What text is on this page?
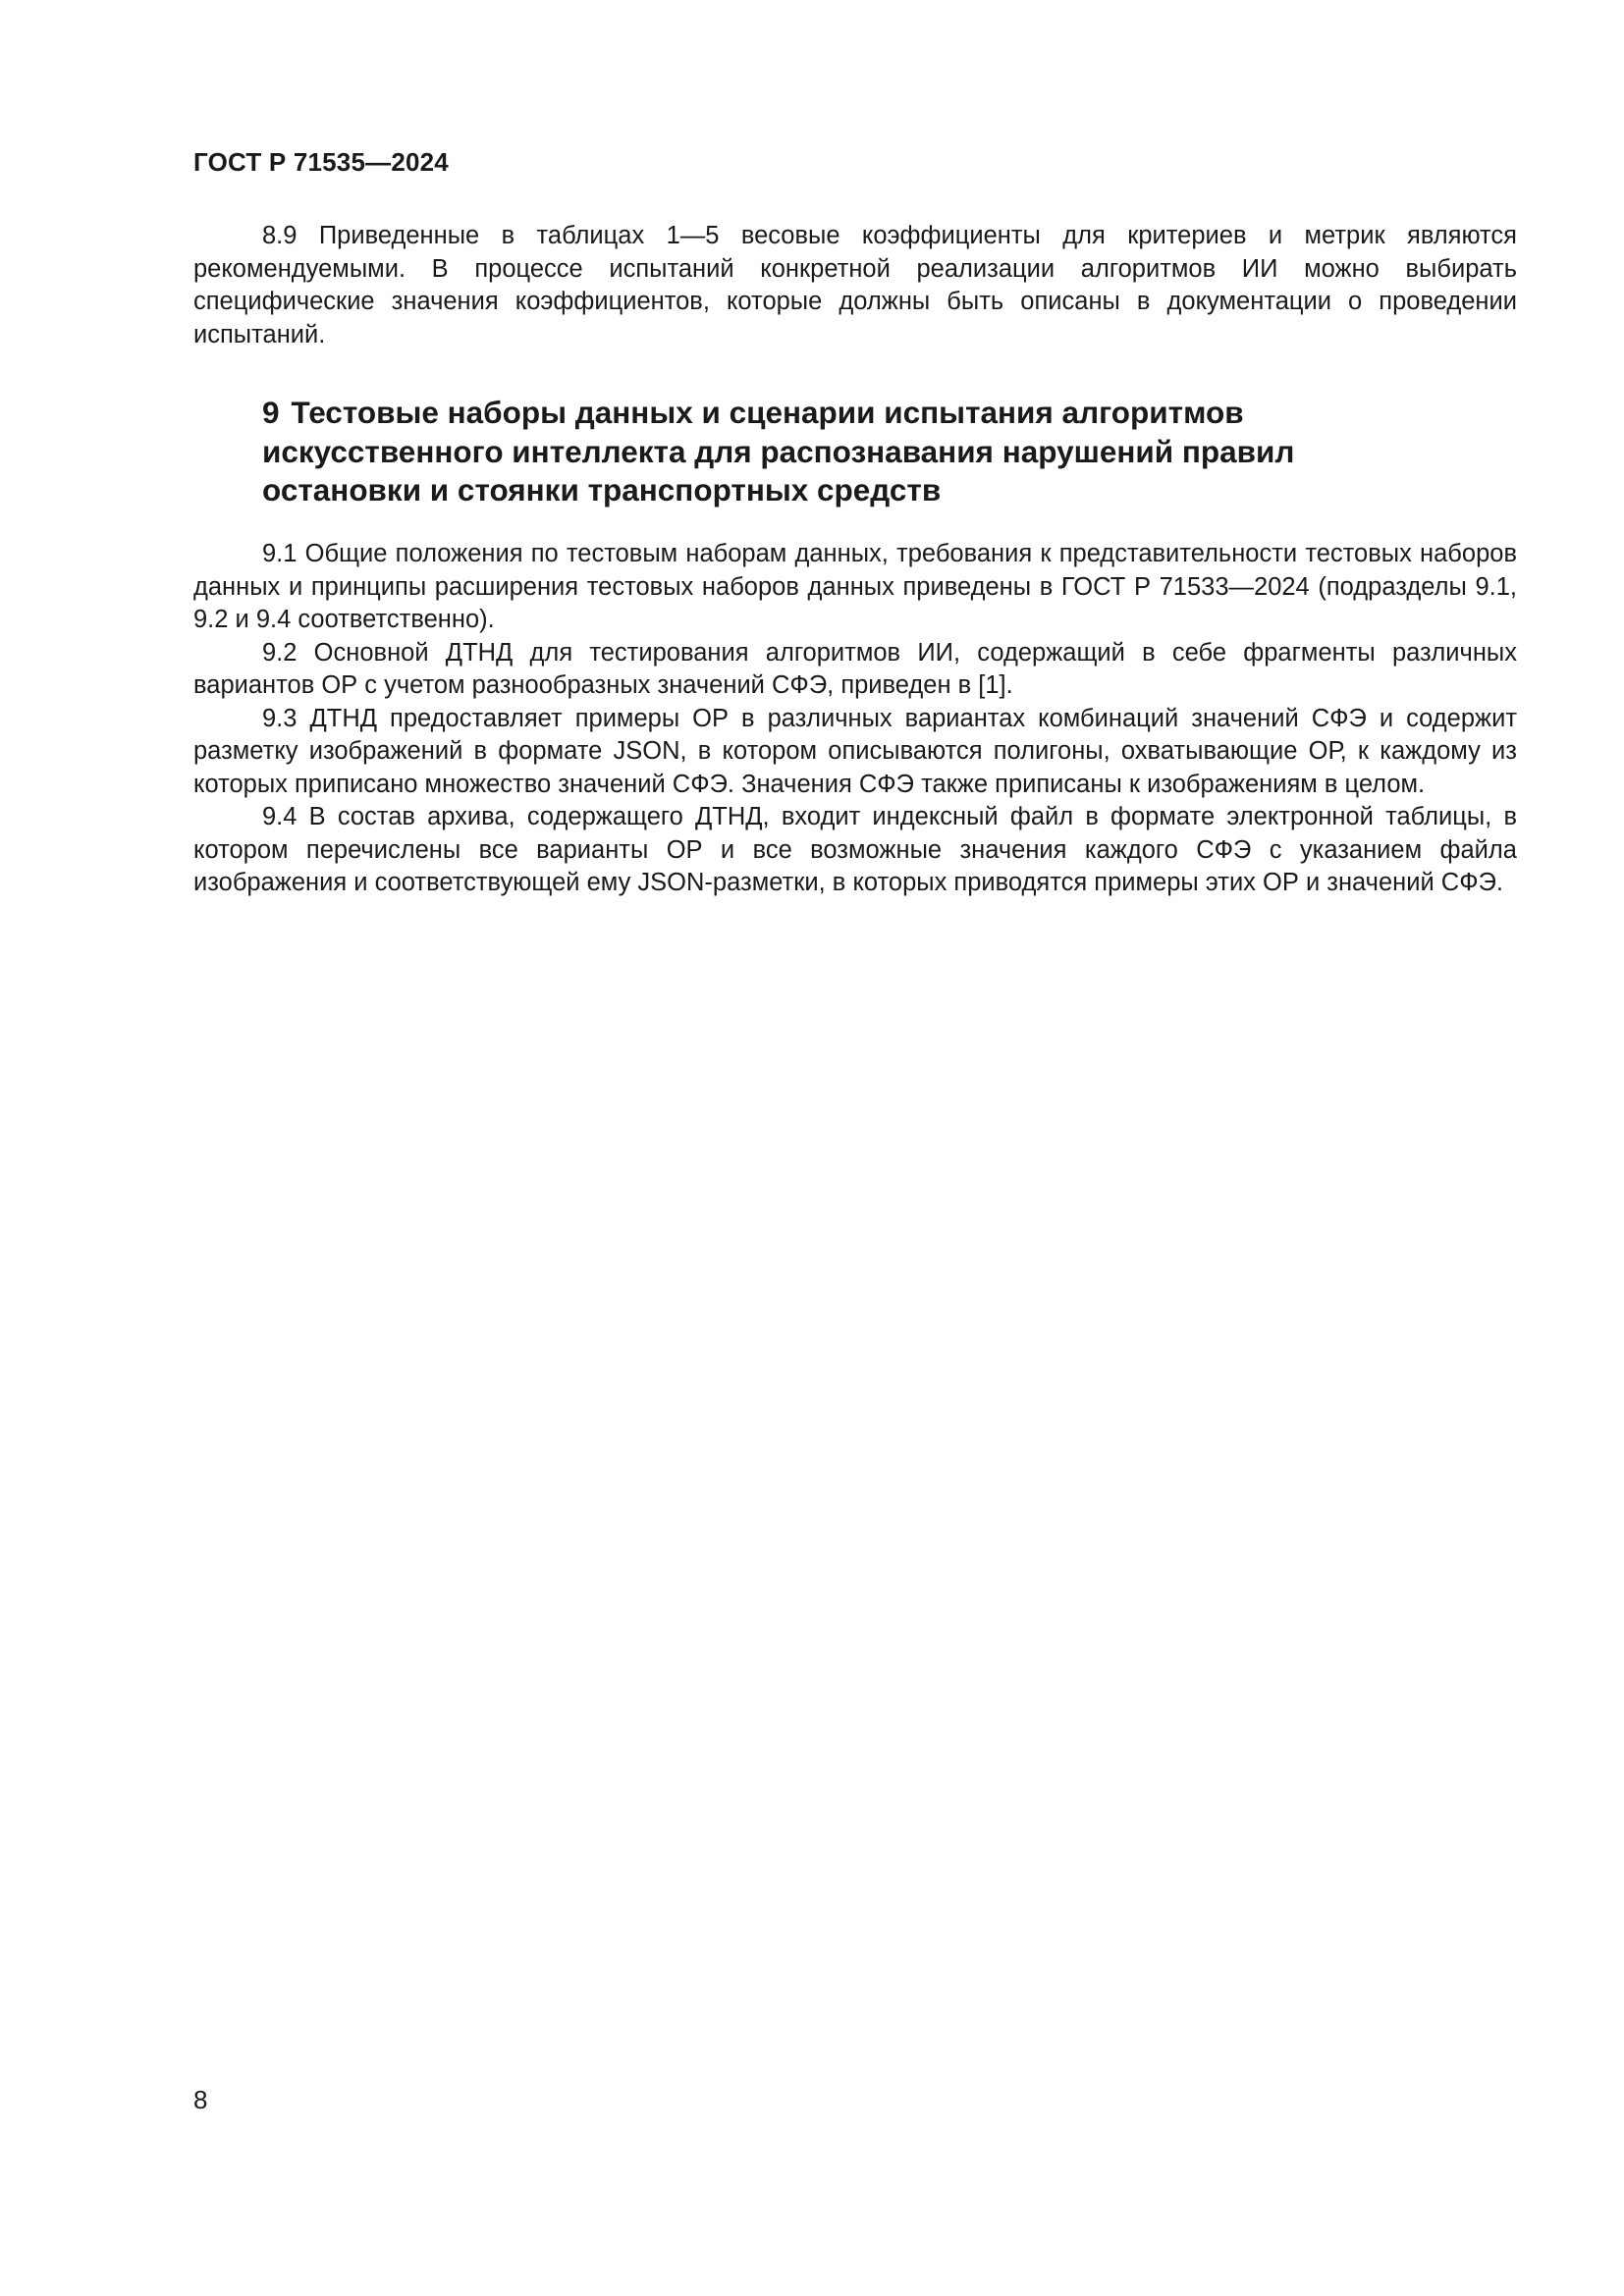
ГОСТ Р 71535—2024

8.9 Приведенные в таблицах 1—5 весовые коэффициенты для критериев и метрик являются рекомендуемыми. В процессе испытаний конкретной реализации алгоритмов ИИ можно выбирать специфические значения коэффициентов, которые должны быть описаны в документации о проведении испытаний.

9 Тестовые наборы данных и сценарии испытания алгоритмов искусственного интеллекта для распознавания нарушений правил остановки и стоянки транспортных средств

9.1 Общие положения по тестовым наборам данных, требования к представительности тестовых наборов данных и принципы расширения тестовых наборов данных приведены в ГОСТ Р 71533—2024 (подразделы 9.1, 9.2 и 9.4 соответственно).

9.2 Основной ДТНД для тестирования алгоритмов ИИ, содержащий в себе фрагменты различных вариантов ОР с учетом разнообразных значений СФЭ, приведен в [1].

9.3 ДТНД предоставляет примеры ОР в различных вариантах комбинаций значений СФЭ и содержит разметку изображений в формате JSON, в котором описываются полигоны, охватывающие ОР, к каждому из которых приписано множество значений СФЭ. Значения СФЭ также приписаны к изображениям в целом.

9.4 В состав архива, содержащего ДТНД, входит индексный файл в формате электронной таблицы, в котором перечислены все варианты ОР и все возможные значения каждого СФЭ с указанием файла изображения и соответствующей ему JSON-разметки, в которых приводятся примеры этих ОР и значений СФЭ.

8
